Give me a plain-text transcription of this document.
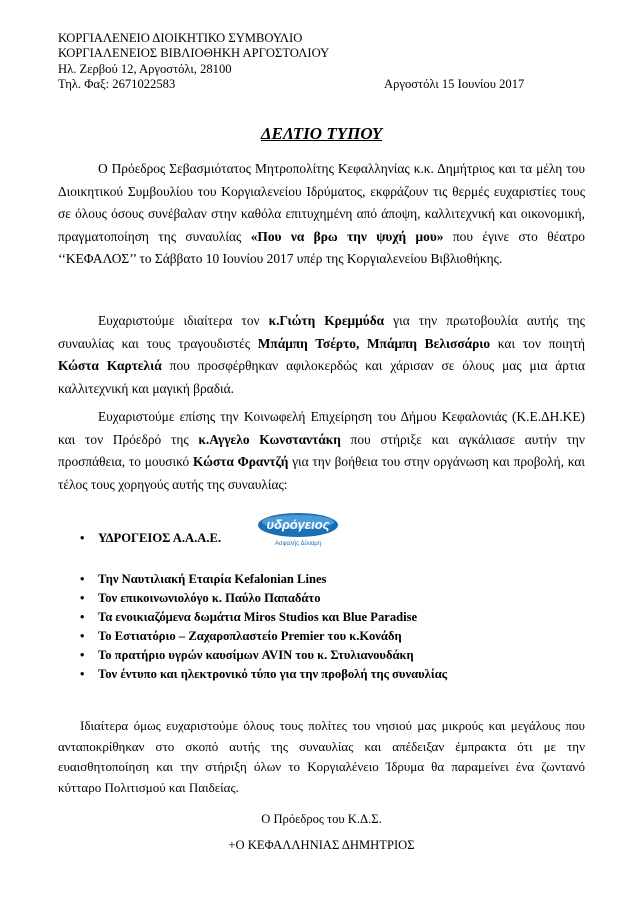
ΚΟΡΓΙΑΛΕΝΕΙΟ ΔΙΟΙΚΗΤΙΚΟ ΣΥΜΒΟΥΛΙΟ
ΚΟΡΓΙΑΛΕΝΕΙΟΣ ΒΙΒΛΙΟΘΗΚΗ ΑΡΓΟΣΤΟΛΙΟΥ
Ηλ. Ζερβού 12, Αργοστόλι, 28100
Τηλ. Φαξ: 2671022583	Αργοστόλι 15 Ιουνίου 2017
ΔΕΛΤΙΟ ΤΥΠΟΥ

Ο Πρόεδρος Σεβασμιότατος Μητροπολίτης Κεφαλληνίας κ.κ. Δημήτριος και τα μέλη του Διοικητικού Συμβουλίου του Κοργιαλενείου Ιδρύματος, εκφράζουν τις θερμές ευχαριστίες τους σε όλους όσους συνέβαλαν στην καθόλα επιτυχημένη από άποψη, καλλιτεχνική και οικονομική, πραγματοποίηση της συναυλίας «Που να βρω την ψυχή μου» που έγινε στο θέατρο ‘‘ΚΕΦΑΛΟΣ’’ το Σάββατο 10 Ιουνίου 2017 υπέρ της Κοργιαλενείου Βιβλιοθήκης.

Ευχαριστούμε ιδιαίτερα τον κ.Γιώτη Κρεμμύδα για την πρωτοβουλία αυτής της συναυλίας και τους τραγουδιστές Μπάμπη Τσέρτο, Μπάμπη Βελισσάριο και τον ποιητή Κώστα Καρτελιά που προσφέρθηκαν αφιλοκερδώς και χάρισαν σε όλους μας μια άρτια καλλιτεχνική και μαγική βραδιά.

Ευχαριστούμε επίσης την Κοινωφελή Επιχείρηση του Δήμου Κεφαλονιάς (Κ.Ε.ΔΗ.ΚΕ) και τον Πρόεδρό της κ.Αγγελο Κωνσταντάκη που στήριξε και αγκάλιασε αυτήν την προσπάθεια, το μουσικό Κώστα Φραντζή για την βοήθεια του στην οργάνωση και προβολή, και τέλος τους χορηγούς αυτής της συναυλίας:

• ΥΔΡΟΓΕΙΟΣ Α.Α.Α.Ε.
υδρόγειος
Ασφαλής Δύναμη
• Την Ναυτιλιακή Εταιρία Kefalonian Lines
• Τον επικοινωνιολόγο κ. Παύλο Παπαδάτο
• Τα ενοικιαζόμενα δωμάτια Miros Studios και Blue Paradise
• Το Εστιατόριο – Ζαχαροπλαστείο Premier του κ.Κονάδη
• Το πρατήριο υγρών καυσίμων AVIN του κ. Στυλιανουδάκη
• Τον έντυπο και ηλεκτρονικό τύπο για την προβολή της συναυλίας

Ιδιαίτερα όμως ευχαριστούμε όλους τους πολίτες του νησιού μας μικρούς και μεγάλους που ανταποκρίθηκαν στο σκοπό αυτής της συναυλίας και απέδειξαν έμπρακτα ότι με την ευαισθητοποίηση και την στήριξη όλων το Κοργιαλένειο Ίδρυμα θα παραμείνει ένα ζωντανό κύτταρο Πολιτισμού και Παιδείας.

Ο Πρόεδρος του Κ.Δ.Σ.
+Ο ΚΕΦΑΛΛΗΝΙΑΣ ΔΗΜΗΤΡΙΟΣ
